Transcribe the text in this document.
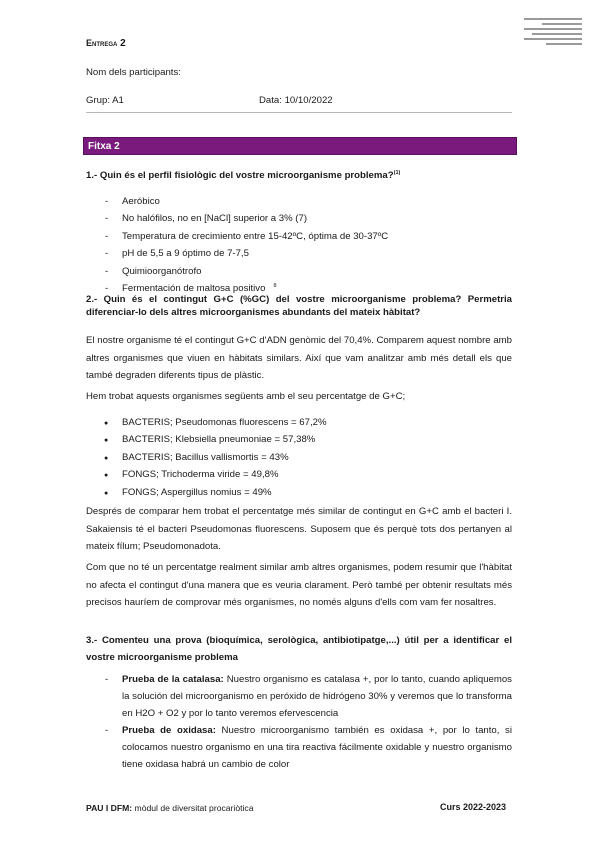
Entrega 2
Nom dels participants:
Grup: A1	Data: 10/10/2022
Fitxa 2
1.- Quin és el perfil fisiològic del vostre microorganisme problema?$^{(1)}$
- Aeróbico
- No halófilos, no en [NaCl] superior a 3% (7)
- Temperatura de crecimiento entre 15-42ºC, óptima de 30-37ºC
- pH de 5,5 a 9 óptimo de 7-7,5
- Quimioorganótrofo
- Fermentación de maltosa positivo $^8$
2.- Quin és el contingut G+C (%GC) del vostre microorganisme problema? Permetria diferenciar-lo dels altres microorganismes abundants del mateix hàbitat?
El nostre organisme té el contingut G+C d'ADN genòmic del 70,4%. Comparem aquest nombre amb altres organismes que viuen en hàbitats similars. Així que vam analitzar amb més detall els que també degraden diferents tipus de plàstic.
Hem trobat aquests organismes següents amb el seu percentatge de G+C;
● BACTERIS; Pseudomonas fluorescens = 67,2%
● BACTERIS; Klebsiella pneumoniae = 57,38%
● BACTERIS; Bacillus vallismortis = 43%
● FONGS; Trichoderma viride = 49,8%
● FONGS; Aspergillus nomius = 49%
Després de comparar hem trobat el percentatge més similar de contingut en G+C amb el bacteri I. Sakaiensis té el bacteri Pseudomonas fluorescens. Suposem que és perquè tots dos pertanyen al mateix fílum; Pseudomonadota.
Com que no té un percentatge realment similar amb altres organismes, podem resumir que l'hàbitat no afecta el contingut d'una manera que es veuria clarament. Però també per obtenir resultats més precisos hauríem de comprovar més organismes, no només alguns d'ells com vam fer nosaltres.
3.- Comenteu una prova (bioquímica, serològica, antibiotipatge,...) útil per a identificar el vostre microorganisme problema
- Prueba de la catalasa: Nuestro organismo es catalasa +, por lo tanto, cuando apliquemos la solución del microorganismo en peróxido de hidrógeno 30% y veremos que lo transforma en H2O + O2 y por lo tanto veremos efervescencia
- Prueba de oxidasa: Nuestro microorganismo también es oxidasa +, por lo tanto, si colocamos nuestro organismo en una tira reactiva fácilmente oxidable y nuestro organismo tiene oxidasa habrá un cambio de color
PAU I DFM: mòdul de diversitat procariòtica	Curs 2022-2023
